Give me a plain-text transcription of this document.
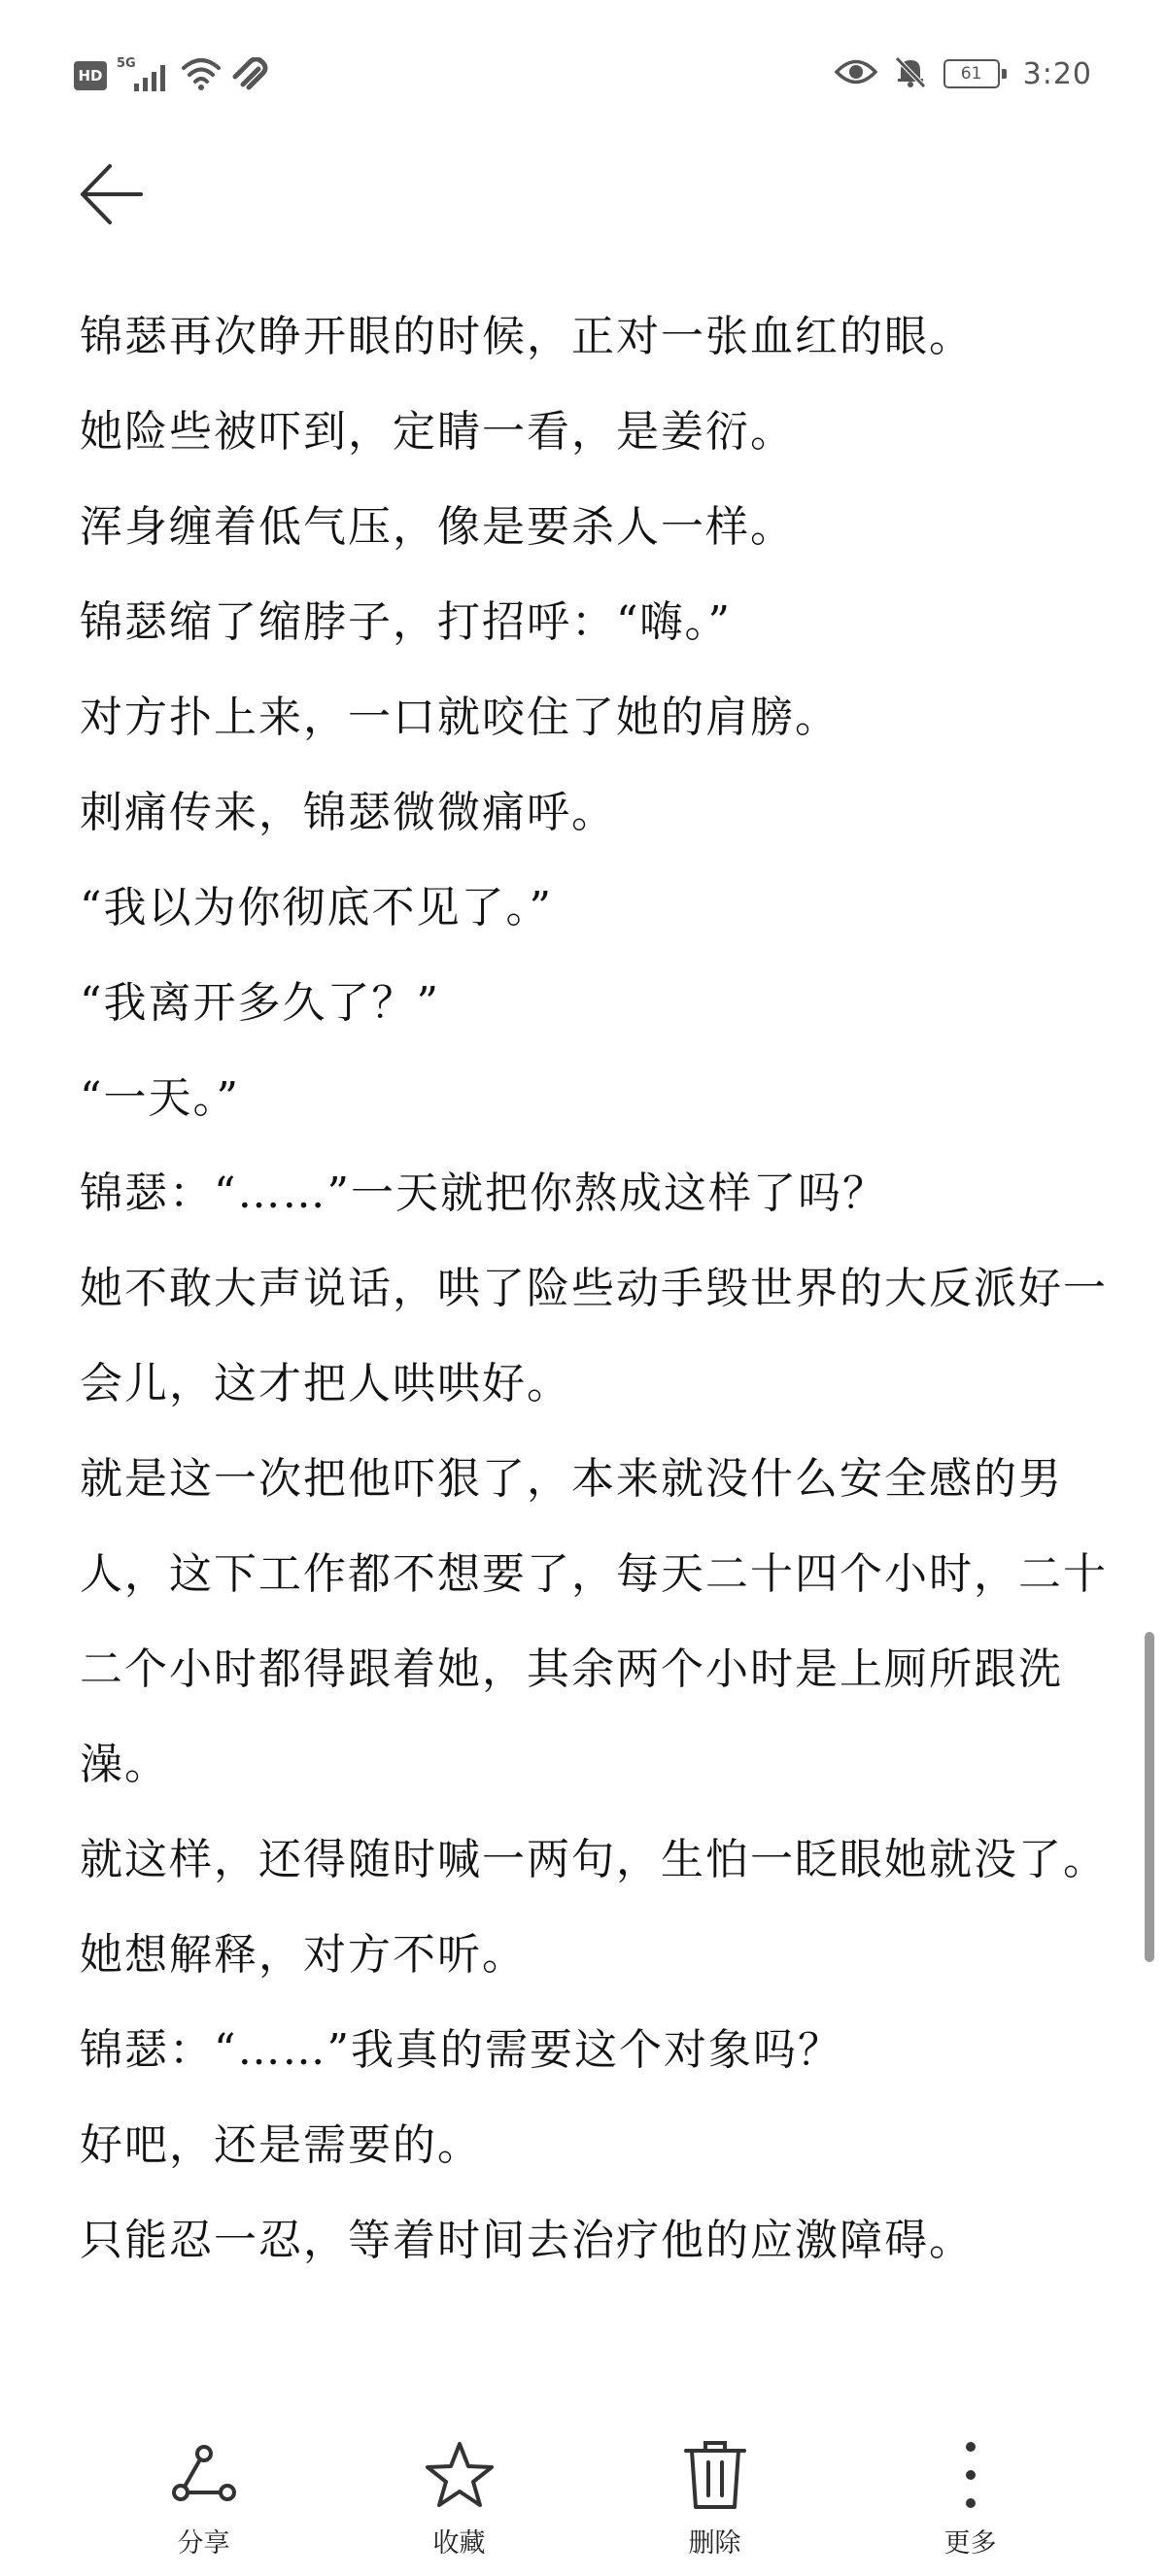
HD
5G
61 3:20

锦瑟再次睁开眼的时候，正对一张血红的眼。

她险些被吓到，定睛一看，是姜衍。

浑身缠着低气压，像是要杀人一样。

锦瑟缩了缩脖子，打招呼：“嗨。”

对方扑上来，一口就咬住了她的肩膀。

刺痛传来，锦瑟微微痛呼。

“我以为你彻底不见了。”

“我离开多久了？”

“一天。”

锦瑟：“……”一天就把你熬成这样了吗？

她不敢大声说话，哄了险些动手毁世界的大反派好一会儿，这才把人哄哄好。

就是这一次把他吓狠了，本来就没什么安全感的男人，这下工作都不想要了，每天二十四个小时，二十二个小时都得跟着她，其余两个小时是上厕所跟洗澡。

就这样，还得随时喊一两句，生怕一眨眼她就没了。

她想解释，对方不听。

锦瑟：“……”我真的需要这个对象吗？

好吧，还是需要的。

只能忍一忍，等着时间去治疗他的应激障碍。

分享	收藏	删除	更多
